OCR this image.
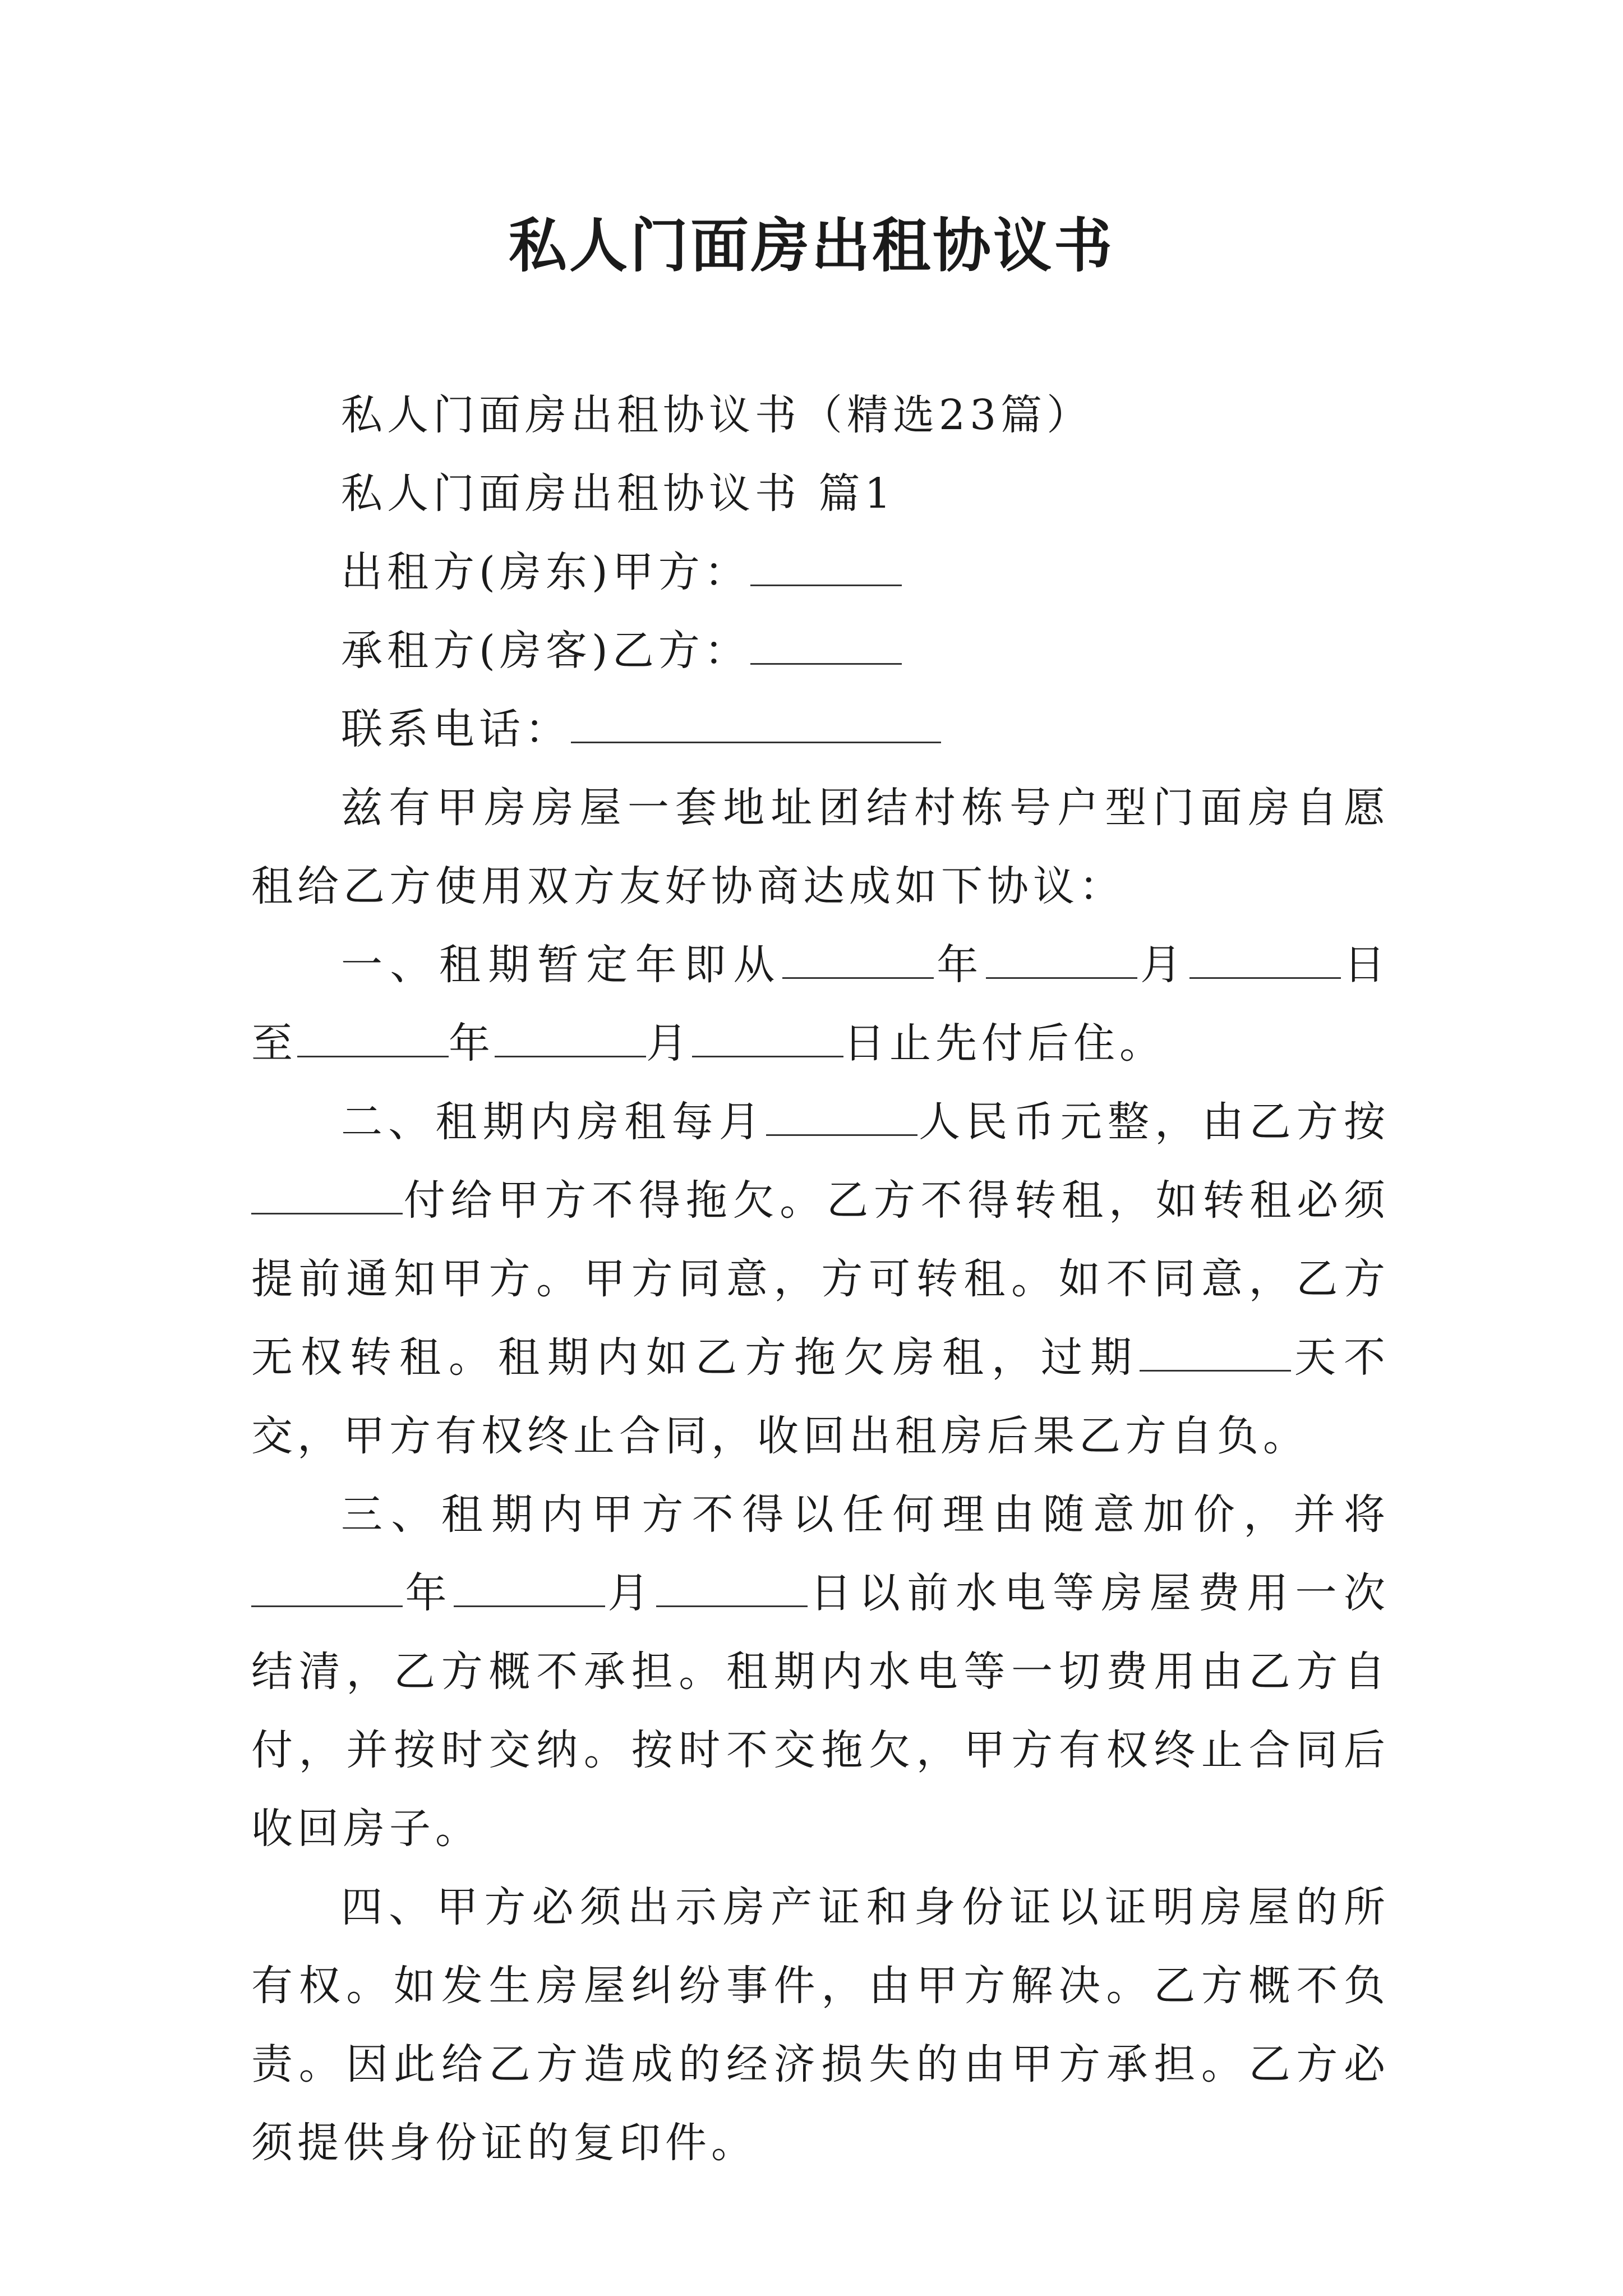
私人门面房出租协议书

私人门面房出租协议书（精选23篇）

私人门面房出租协议书 篇1

出租方(房东)甲方：

承租方(房客)乙方：

联系电话：

兹有甲房房屋一套地址团结村栋号户型门面房自愿租给乙方使用双方友好协商达成如下协议：

一、租期暂定年即从	年	月	日至	年	月	日止先付后住。

二、租期内房租每月	人民币元整，由乙方按付给甲方不得拖欠。乙方不得转租，如转租必须提前通知甲方。甲方同意，方可转租。如不同意，乙方无权转租。租期内如乙方拖欠房租，过期	天不交，甲方有权终止合同，收回出租房后果乙方自负。

三、租期内甲方不得以任何理由随意加价，并将年	月	日以前水电等房屋费用一次结清，乙方概不承担。租期内水电等一切费用由乙方自付，并按时交纳。按时不交拖欠，甲方有权终止合同后收回房子。

四、甲方必须出示房产证和身份证以证明房屋的所有权。如发生房屋纠纷事件，由甲方解决。乙方概不负责。因此给乙方造成的经济损失的由甲方承担。乙方必须提供身份证的复印件。
